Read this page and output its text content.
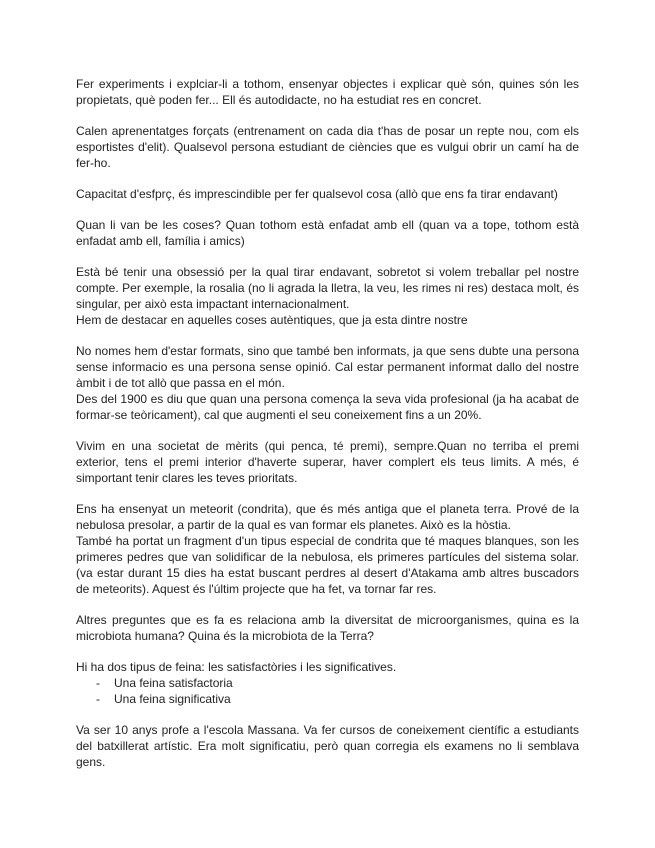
Fer experiments i explciar-li a tothom, ensenyar objectes i explicar què són, quines són les propietats, què poden fer... Ell és autodidacte, no ha estudiat res en concret.

Calen aprenentatges forçats (entrenament on cada dia t'has de posar un repte nou, com els esportistes d'elit). Qualsevol persona estudiant de ciències que es vulgui obrir un camí ha de fer-ho.

Capacitat d'esfprç, és imprescindible per fer qualsevol cosa (allò que ens fa tirar endavant)

Quan li van be les coses? Quan tothom està enfadat amb ell (quan va a tope, tothom està enfadat amb ell, família i amics)

Està bé tenir una obsessió per la qual tirar endavant, sobretot si volem treballar pel nostre compte. Per exemple, la rosalia (no li agrada la lletra, la veu, les rimes ni res) destaca molt, és singular, per això esta impactant internacionalment.

Hem de destacar en aquelles coses autèntiques, que ja esta dintre nostre

No nomes hem d'estar formats, sino que també ben informats, ja que sens dubte una persona sense informacio es una persona sense opinió. Cal estar permanent informat dallo del nostre àmbit i de tot allò que passa en el món.

Des del 1900 es diu que quan una persona comença la seva vida profesional (ja ha acabat de formar-se teòricament), cal que augmenti el seu coneixement fins a un 20%.

Vivim en una societat de mèrits (qui penca, té premi), sempre.Quan no terriba el premi exterior, tens el premi interior d'haverte superar, haver complert els teus limits. A més, é simportant tenir clares les teves prioritats.

Ens ha ensenyat un meteorit (condrita), que és més antiga que el planeta terra. Prové de la nebulosa presolar, a partir de la qual es van formar els planetes. Això es la hòstia.

També ha portat un fragment d'un tipus especial de condrita que té maques blanques, son les primeres pedres que van solidificar de la nebulosa, els primeres partícules del sistema solar. (va estar durant 15 dies ha estat buscant perdres al desert d'Atakama amb altres buscadors de meteorits). Aquest és l'últim projecte que ha fet, va tornar far res.

Altres preguntes que es fa es relaciona amb la diversitat de microorganismes, quina es la microbiota humana? Quina és la microbiota de la Terra?

Hi ha dos tipus de feina: les satisfactòries i les significatives.

- Una feina satisfactoria
- Una feina significativa

Va ser 10 anys profe a l'escola Massana. Va fer cursos de coneixement científic a estudiants del batxillerat artístic. Era molt significatiu, però quan corregia els examens no li semblava gens.
